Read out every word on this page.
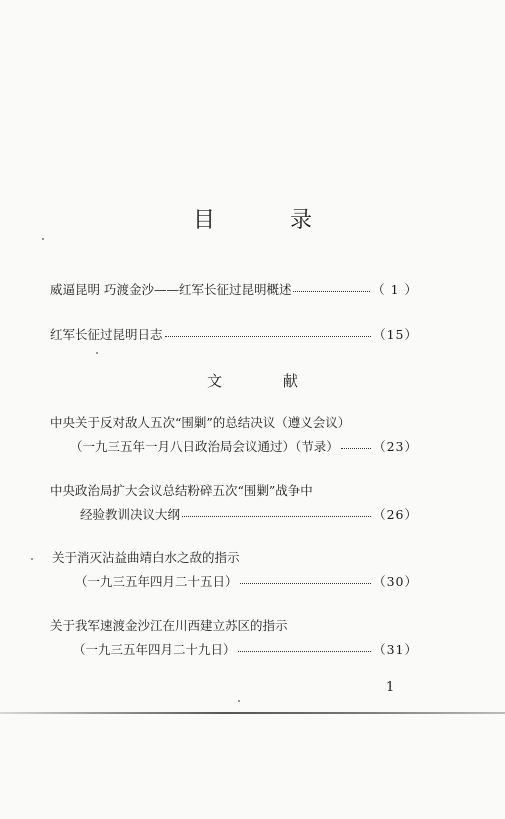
目 录
威逼昆明 巧渡金沙——红军长征过昆明概述	（ 1 ）
红军长征过昆明日志	（15）
文 献
中央关于反对敌人五次“围剿”的总结决议（遵义会议）
（一九三五年一月八日政治局会议通过）（节录）	（23）
中央政治局扩大会议总结粉碎五次“围剿”战争中
经验教训决议大纲	（26）
关于消灭沾益曲靖白水之敌的指示
（一九三五年四月二十五日）	（30）
关于我军速渡金沙江在川西建立苏区的指示
（一九三五年四月二十九日）	（31）
1
